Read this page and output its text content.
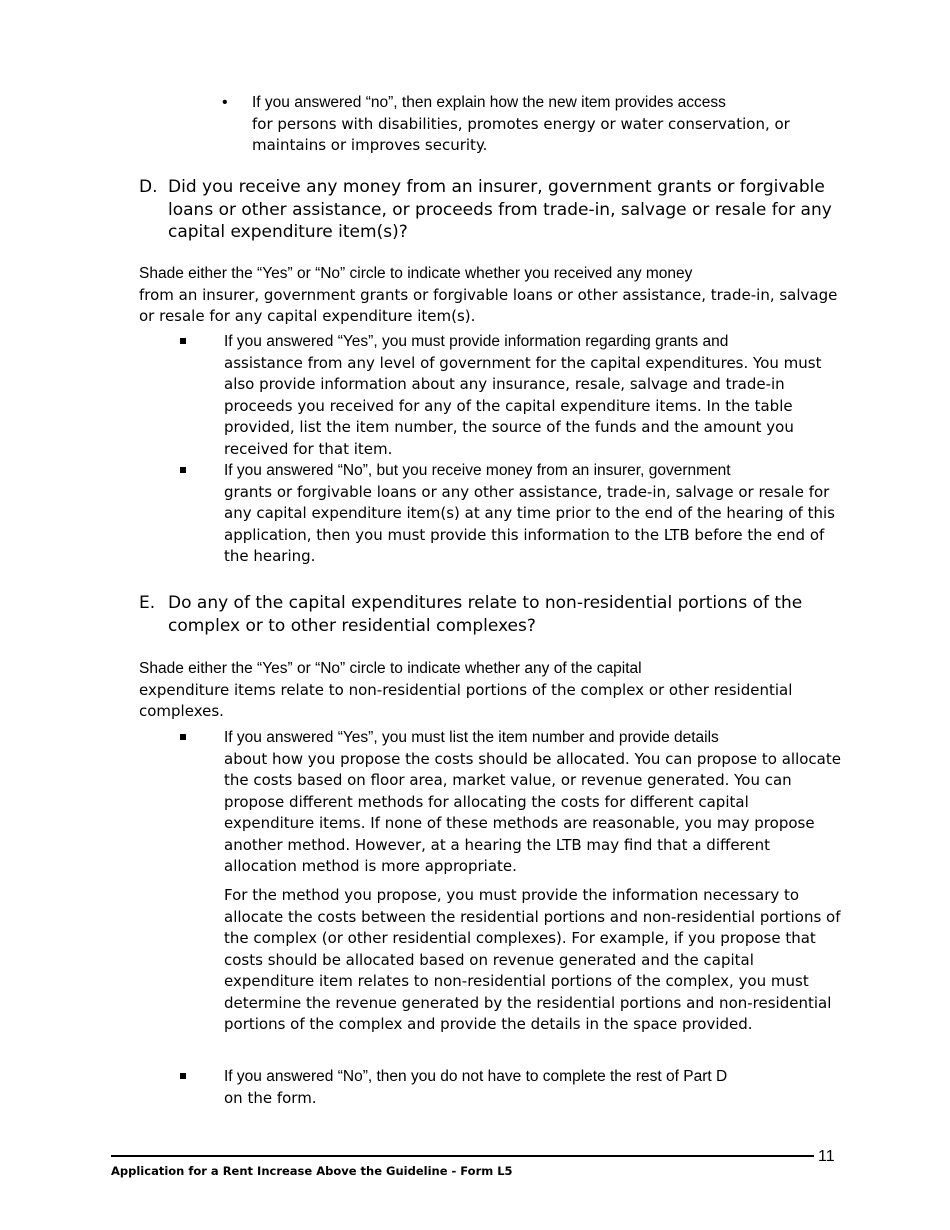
• If you answered “no”, then explain how the new item provides access
for persons with disabilities, promotes energy or water conservation, or maintains or improves security.
D. Did you receive any money from an insurer, government grants or forgivable loans or other assistance, or proceeds from trade-in, salvage or resale for any capital expenditure item(s)?
Shade either the “Yes” or “No” circle to indicate whether you received any money
from an insurer, government grants or forgivable loans or other assistance, trade-in, salvage or resale for any capital expenditure item(s).
If you answered “Yes”, you must provide information regarding grants and
assistance from any level of government for the capital expenditures. You must also provide information about any insurance, resale, salvage and trade-in proceeds you received for any of the capital expenditure items. In the table provided, list the item number, the source of the funds and the amount you received for that item.
If you answered “No”, but you receive money from an insurer, government
grants or forgivable loans or any other assistance, trade-in, salvage or resale for any capital expenditure item(s) at any time prior to the end of the hearing of this application, then you must provide this information to the LTB before the end of the hearing.
E. Do any of the capital expenditures relate to non-residential portions of the complex or to other residential complexes?
Shade either the “Yes” or “No” circle to indicate whether any of the capital
expenditure items relate to non-residential portions of the complex or other residential complexes.
If you answered “Yes”, you must list the item number and provide details
about how you propose the costs should be allocated. You can propose to allocate the costs based on floor area, market value, or revenue generated. You can propose different methods for allocating the costs for different capital expenditure items. If none of these methods are reasonable, you may propose another method. However, at a hearing the LTB may find that a different allocation method is more appropriate.
For the method you propose, you must provide the information necessary to allocate the costs between the residential portions and non-residential portions of the complex (or other residential complexes). For example, if you propose that costs should be allocated based on revenue generated and the capital expenditure item relates to non-residential portions of the complex, you must determine the revenue generated by the residential portions and non-residential portions of the complex and provide the details in the space provided.
If you answered “No”, then you do not have to complete the rest of Part D
on the form.
11
Application for a Rent Increase Above the Guideline - Form L5
